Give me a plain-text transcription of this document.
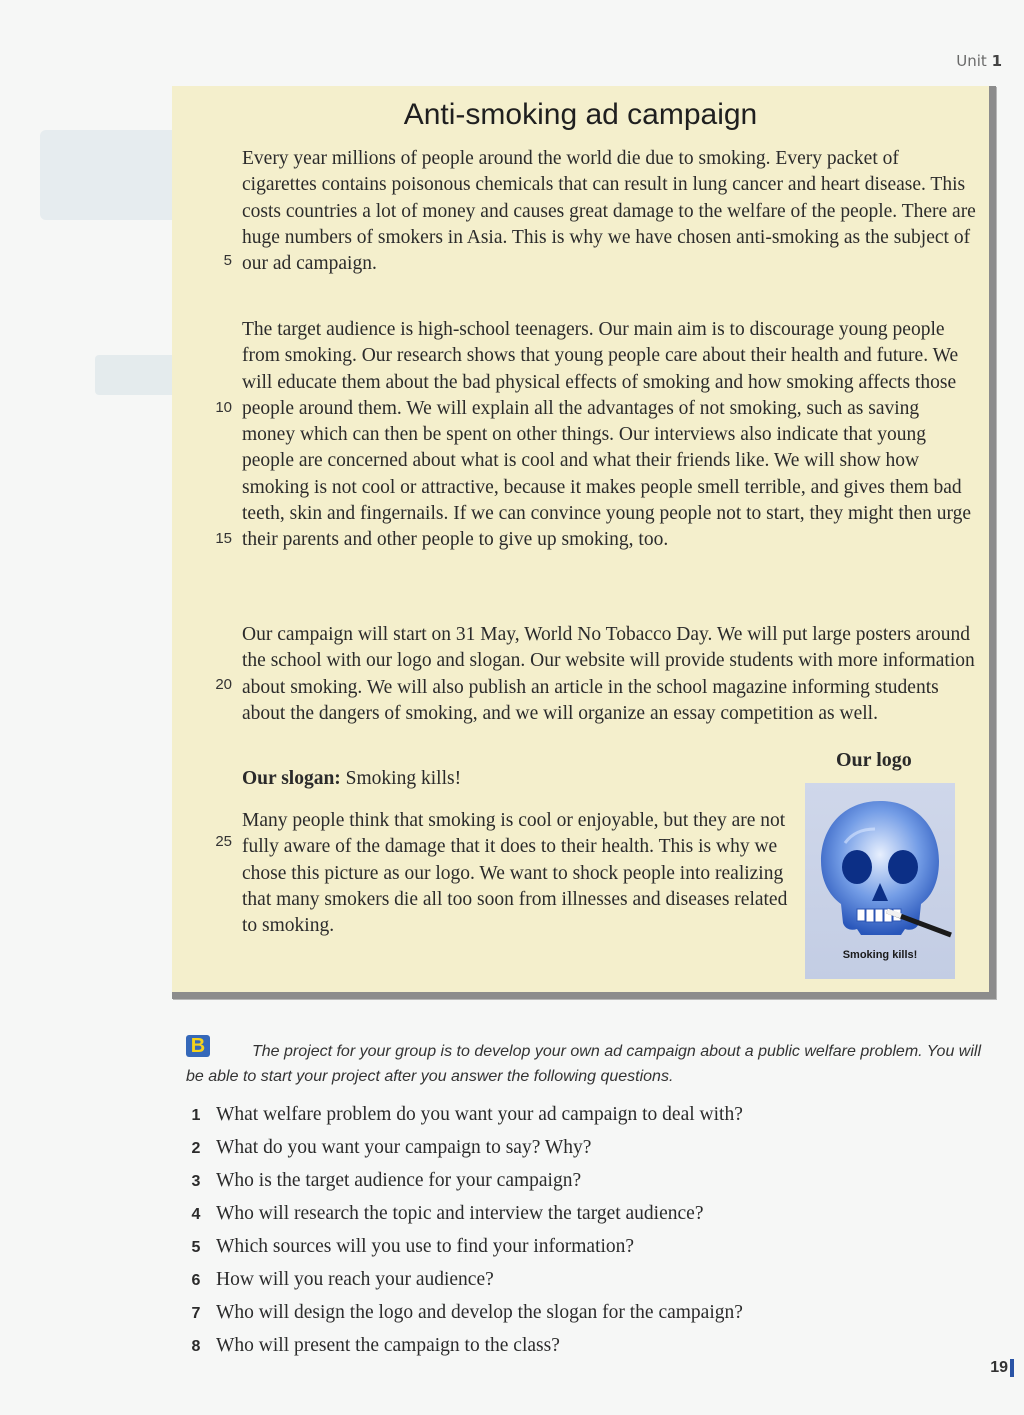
Unit 1
Anti-smoking ad campaign

Every year millions of people around the world die due to smoking. Every packet of cigarettes contains poisonous chemicals that can result in lung cancer and heart disease. This costs countries a lot of money and causes great damage to the welfare of the people. There are huge numbers of smokers in Asia. This is why we have chosen anti-smoking as the subject of our ad campaign.

The target audience is high-school teenagers. Our main aim is to discourage young people from smoking. Our research shows that young people care about their health and future. We will educate them about the bad physical effects of smoking and how smoking affects those people around them. We will explain all the advantages of not smoking, such as saving money which can then be spent on other things. Our interviews also indicate that young people are concerned about what is cool and what their friends like. We will show how smoking is not cool or attractive, because it makes people smell terrible, and gives them bad teeth, skin and fingernails. If we can convince young people not to start, they might then urge their parents and other people to give up smoking, too.

Our campaign will start on 31 May, World No Tobacco Day. We will put large posters around the school with our logo and slogan. Our website will provide students with more information about smoking. We will also publish an article in the school magazine informing students about the dangers of smoking, and we will organize an essay competition as well.

Our slogan: Smoking kills!

Many people think that smoking is cool or enjoyable, but they are not fully aware of the damage that it does to their health. This is why we chose this picture as our logo. We want to shock people into realizing that many smokers die all too soon from illnesses and diseases related to smoking.

5
10
15
20
25
Our logo
Smoking kills!
B	The project for your group is to develop your own ad campaign about a public welfare problem. You will be able to start your project after you answer the following questions.

1 What welfare problem do you want your ad campaign to deal with?
2 What do you want your campaign to say? Why?
3 Who is the target audience for your campaign?
4 Who will research the topic and interview the target audience?
5 Which sources will you use to find your information?
6 How will you reach your audience?
7 Who will design the logo and develop the slogan for the campaign?
8 Who will present the campaign to the class?
19
